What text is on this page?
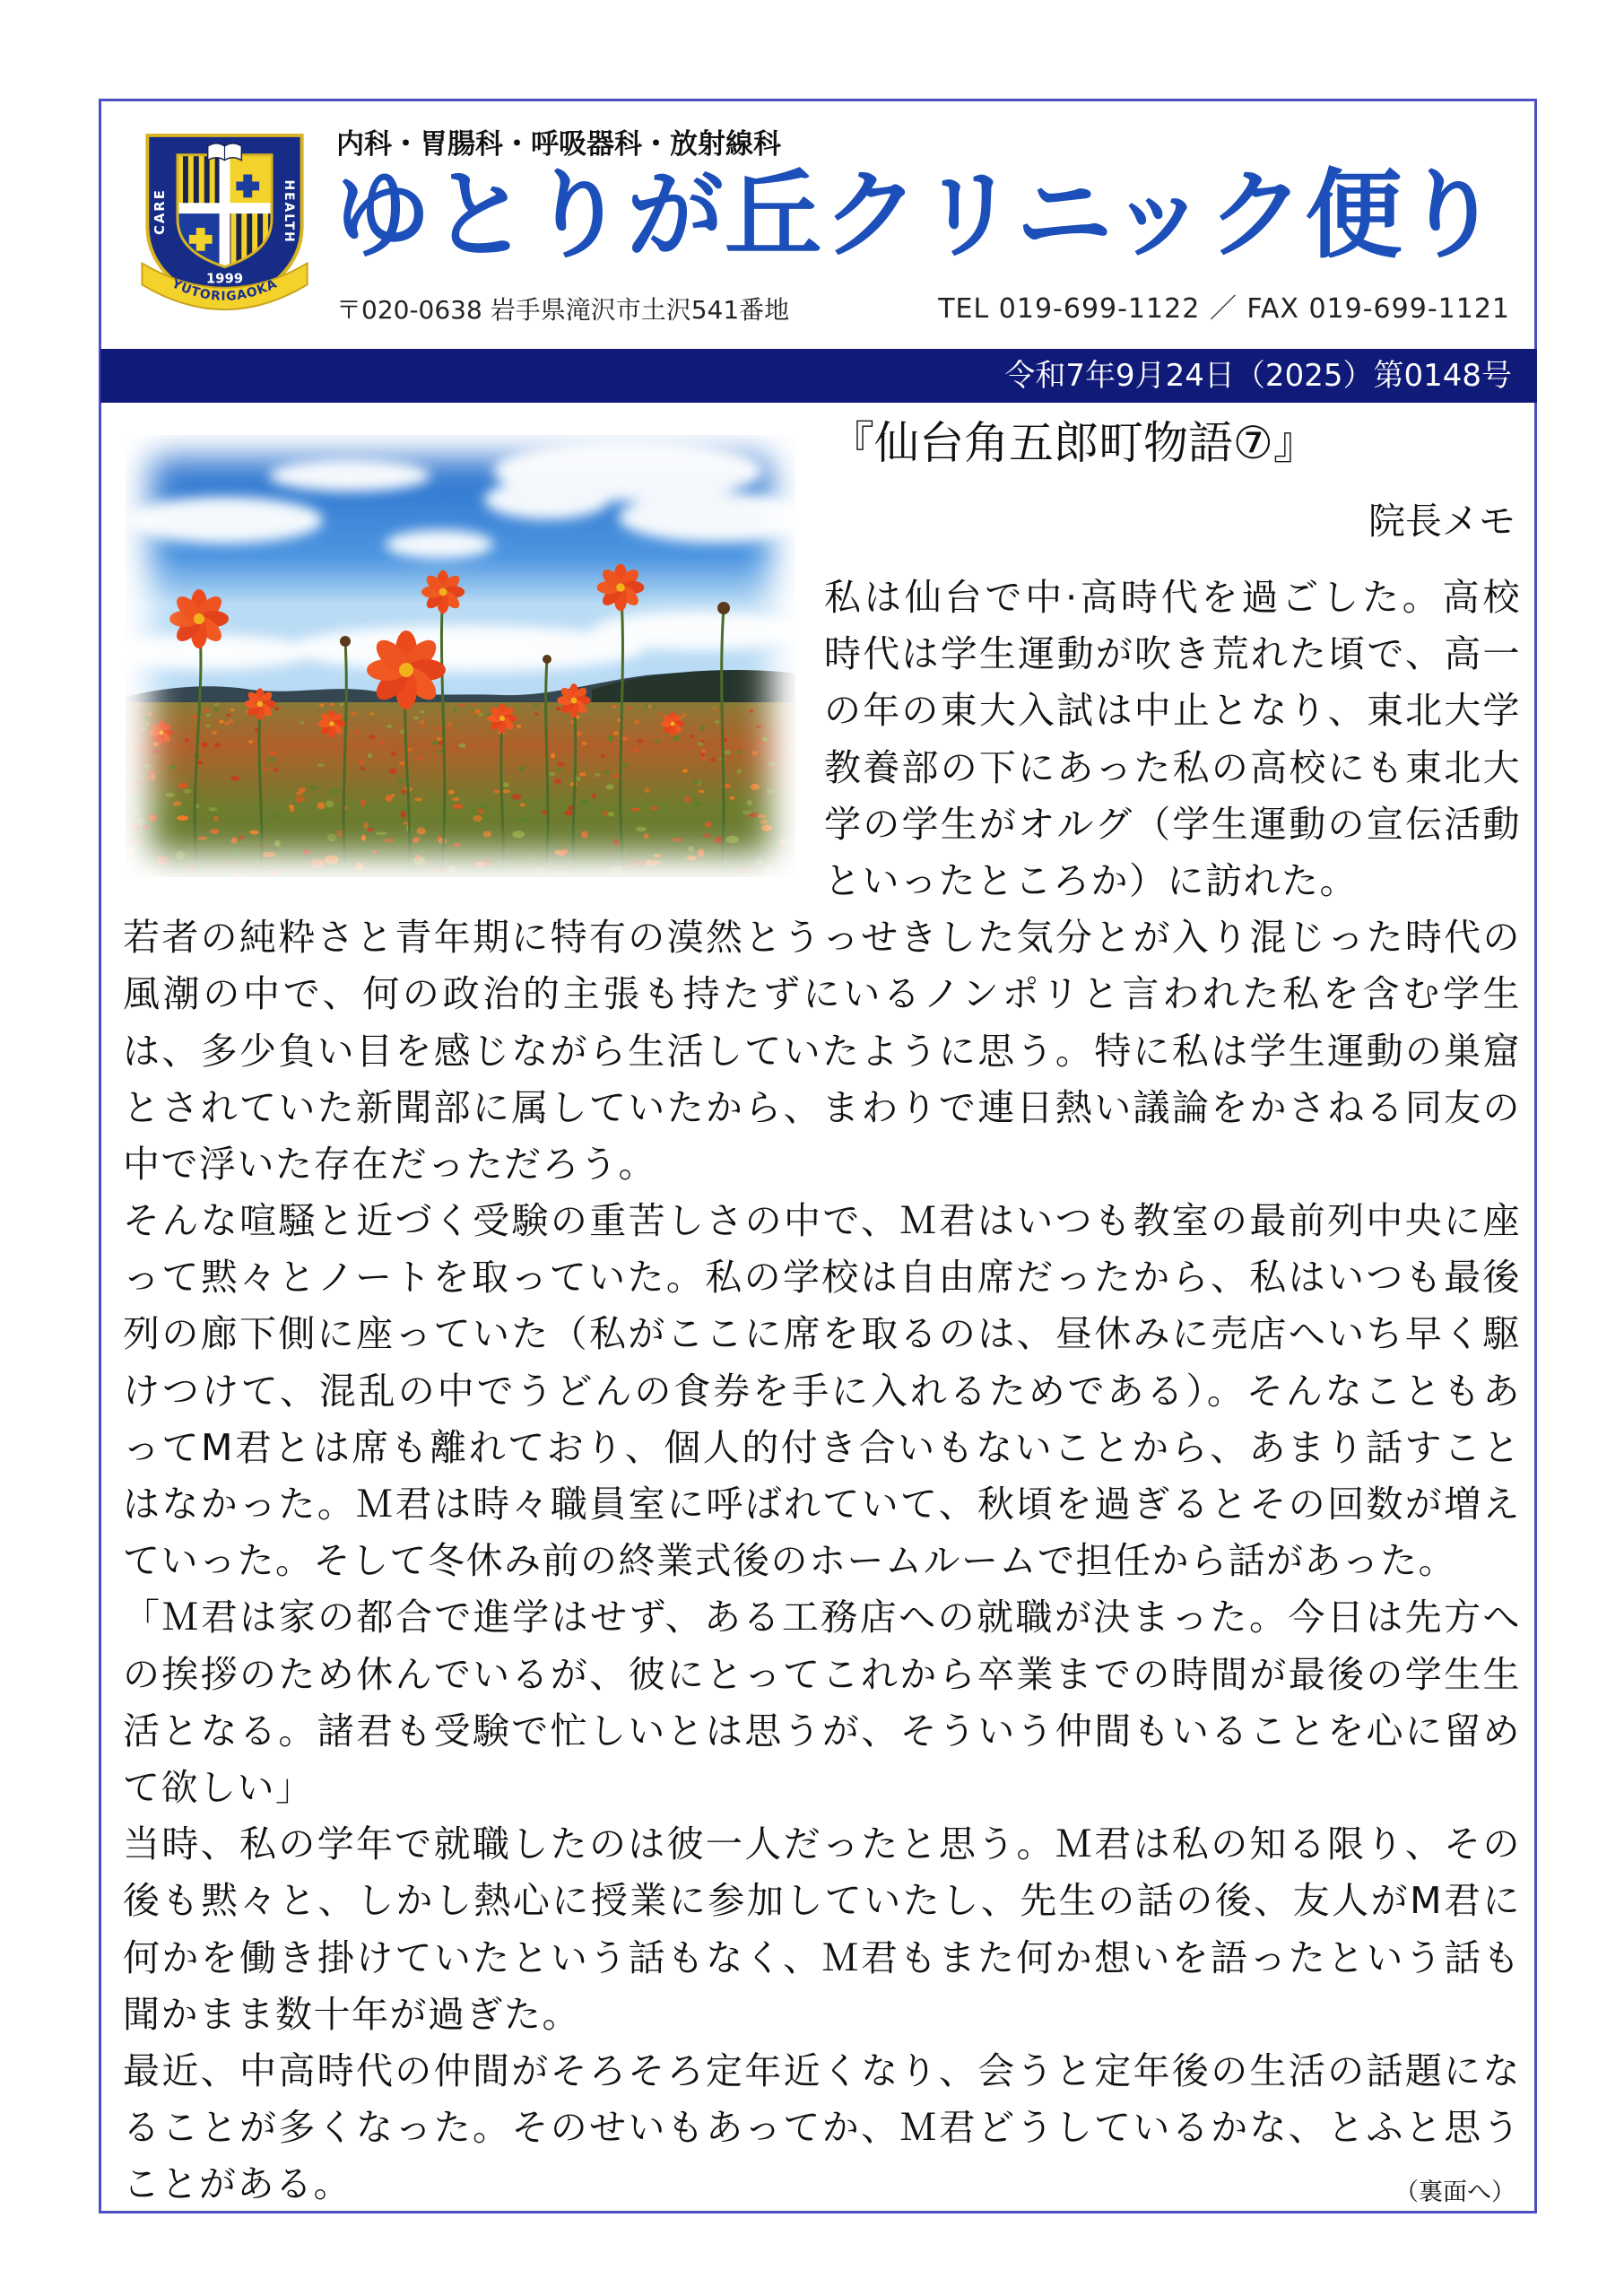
CARE	HEALTH
1999
YUTORIGAOKA
内科・胃腸科・呼吸器科・放射線科
ゆとりが丘クリニック便り
〒020-0638 岩手県滝沢市土沢541番地	TEL 019-699-1122 ／ FAX 019-699-1121
令和7年9月24日（2025）第0148号
『仙台角五郎町物語⑦』
院長メモ
私は仙台で中·高時代を過ごした。高校
時代は学生運動が吹き荒れた頃で、高一
の年の東大入試は中止となり、東北大学
教養部の下にあった私の高校にも東北大
学の学生がオルグ（学生運動の宣伝活動
といったところか）に訪れた。
若者の純粋さと青年期に特有の漠然とうっせきした気分とが入り混じった時代の
風潮の中で、何の政治的主張も持たずにいるノンポリと言われた私を含む学生
は、多少負い目を感じながら生活していたように思う。特に私は学生運動の巣窟
とされていた新聞部に属していたから、まわりで連日熱い議論をかさねる同友の
中で浮いた存在だっただろう。
そんな喧騒と近づく受験の重苦しさの中で、Ｍ君はいつも教室の最前列中央に座
って黙々とノートを取っていた。私の学校は自由席だったから、私はいつも最後
列の廊下側に座っていた（私がここに席を取るのは、昼休みに売店へいち早く駆
けつけて、混乱の中でうどんの食券を手に入れるためである）。そんなこともあ
ってM君とは席も離れており、個人的付き合いもないことから、あまり話すこと
はなかった。Ｍ君は時々職員室に呼ばれていて、秋頃を過ぎるとその回数が増え
ていった。そして冬休み前の終業式後のホームルームで担任から話があった。
「Ｍ君は家の都合で進学はせず、ある工務店への就職が決まった。今日は先方へ
の挨拶のため休んでいるが、彼にとってこれから卒業までの時間が最後の学生生
活となる。諸君も受験で忙しいとは思うが、そういう仲間もいることを心に留め
て欲しい」
当時、私の学年で就職したのは彼一人だったと思う。Ｍ君は私の知る限り、その
後も黙々と、しかし熱心に授業に参加していたし、先生の話の後、友人がM君に
何かを働き掛けていたという話もなく、Ｍ君もまた何か想いを語ったという話も
聞かまま数十年が過ぎた。
最近、中高時代の仲間がそろそろ定年近くなり、会うと定年後の生活の話題にな
ることが多くなった。そのせいもあってか、Ｍ君どうしているかな、とふと思う
ことがある。	（裏面へ）
